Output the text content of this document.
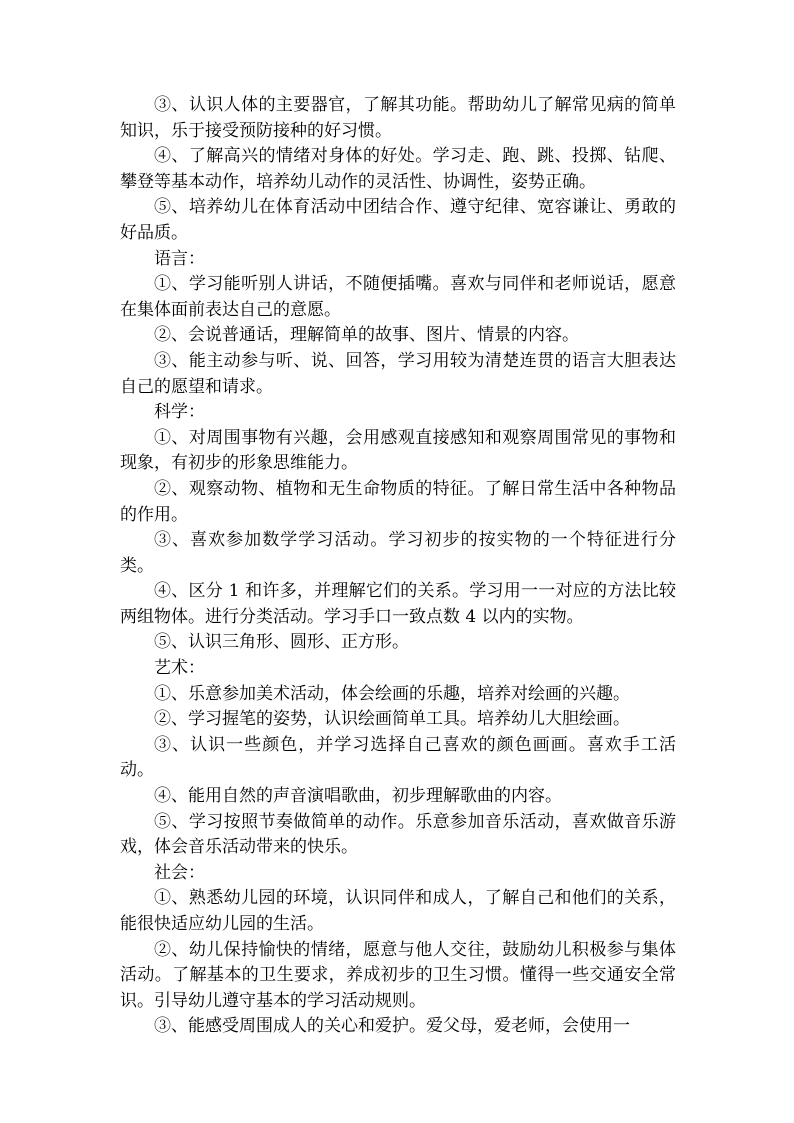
③、认识人体的主要器官，了解其功能。帮助幼儿了解常见病的简单知识，乐于接受预防接种的好习惯。

④、了解高兴的情绪对身体的好处。学习走、跑、跳、投掷、钻爬、攀登等基本动作，培养幼儿动作的灵活性、协调性，姿势正确。

⑤、培养幼儿在体育活动中团结合作、遵守纪律、宽容谦让、勇敢的好品质。

语言：

①、学习能听别人讲话，不随便插嘴。喜欢与同伴和老师说话，愿意在集体面前表达自己的意愿。

②、会说普通话，理解简单的故事、图片、情景的内容。

③、能主动参与听、说、回答，学习用较为清楚连贯的语言大胆表达自己的愿望和请求。

科学：

①、对周围事物有兴趣，会用感观直接感知和观察周围常见的事物和现象，有初步的形象思维能力。

②、观察动物、植物和无生命物质的特征。了解日常生活中各种物品的作用。

③、喜欢参加数学学习活动。学习初步的按实物的一个特征进行分类。

④、区分 1 和许多，并理解它们的关系。学习用一一对应的方法比较两组物体。进行分类活动。学习手口一致点数 4 以内的实物。

⑤、认识三角形、圆形、正方形。

艺术：

①、乐意参加美术活动，体会绘画的乐趣，培养对绘画的兴趣。

②、学习握笔的姿势，认识绘画简单工具。培养幼儿大胆绘画。

③、认识一些颜色，并学习选择自己喜欢的颜色画画。喜欢手工活动。

④、能用自然的声音演唱歌曲，初步理解歌曲的内容。

⑤、学习按照节奏做简单的动作。乐意参加音乐活动，喜欢做音乐游戏，体会音乐活动带来的快乐。

社会：

①、熟悉幼儿园的环境，认识同伴和成人，了解自己和他们的关系，能很快适应幼儿园的生活。

②、幼儿保持愉快的情绪，愿意与他人交往，鼓励幼儿积极参与集体活动。了解基本的卫生要求，养成初步的卫生习惯。懂得一些交通安全常识。引导幼儿遵守基本的学习活动规则。

③、能感受周围成人的关心和爱护。爱父母，爱老师，会使用一
